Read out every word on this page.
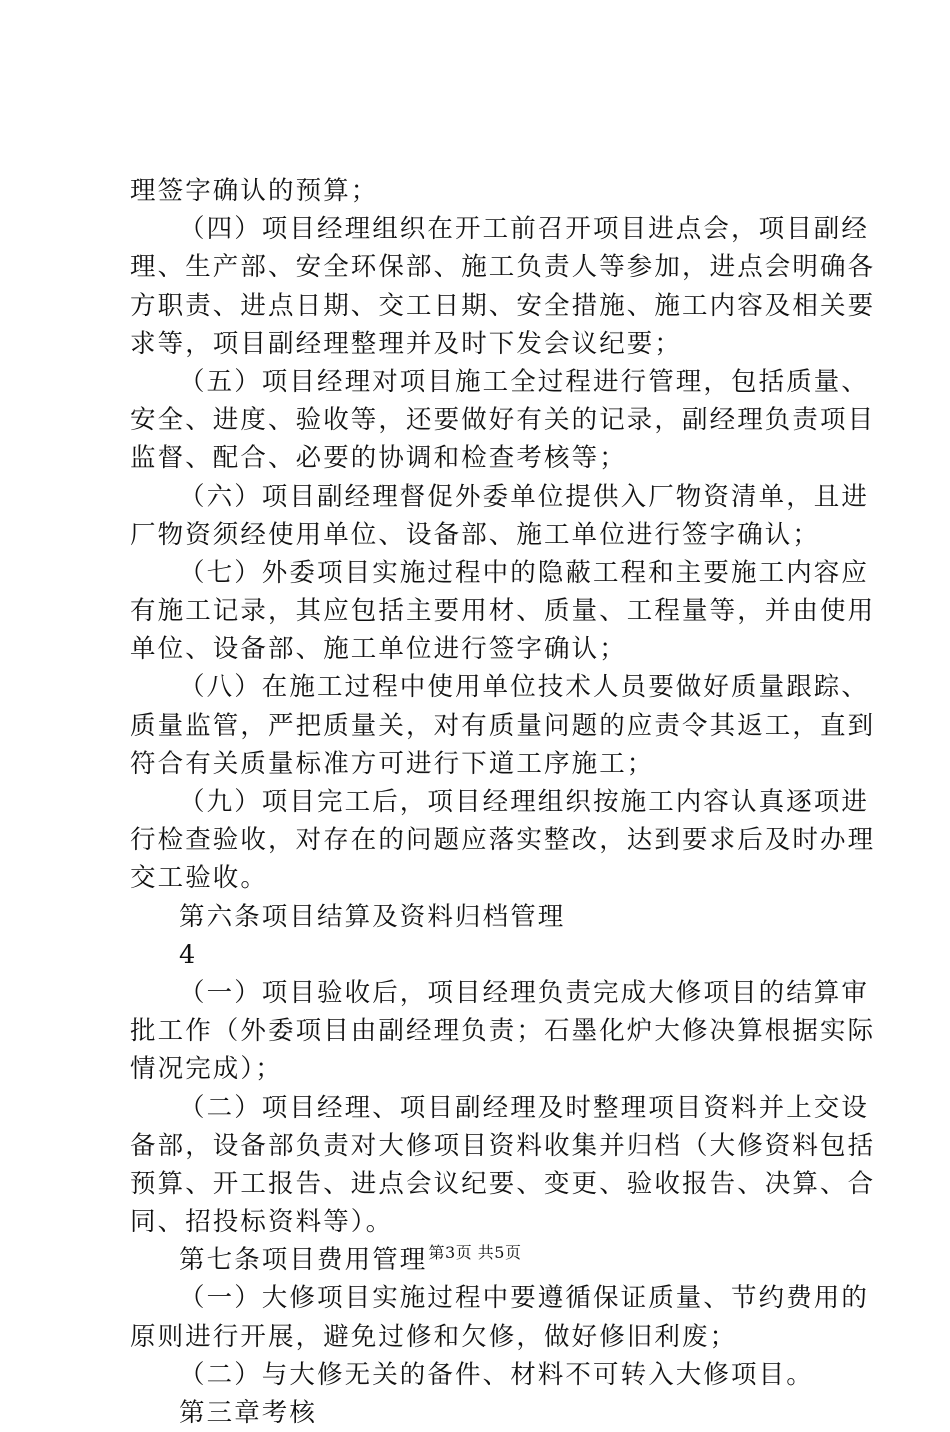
理签字确认的预算；
（四）项目经理组织在开工前召开项目进点会，项目副经
理、生产部、安全环保部、施工负责人等参加，进点会明确各
方职责、进点日期、交工日期、安全措施、施工内容及相关要
求等，项目副经理整理并及时下发会议纪要；
（五）项目经理对项目施工全过程进行管理，包括质量、
安全、进度、验收等，还要做好有关的记录，副经理负责项目
监督、配合、必要的协调和检查考核等；
（六）项目副经理督促外委单位提供入厂物资清单，且进
厂物资须经使用单位、设备部、施工单位进行签字确认；
（七）外委项目实施过程中的隐蔽工程和主要施工内容应
有施工记录，其应包括主要用材、质量、工程量等，并由使用
单位、设备部、施工单位进行签字确认；
（八）在施工过程中使用单位技术人员要做好质量跟踪、
质量监管，严把质量关，对有质量问题的应责令其返工，直到
符合有关质量标准方可进行下道工序施工；
（九）项目完工后，项目经理组织按施工内容认真逐项进
行检查验收，对存在的问题应落实整改，达到要求后及时办理
交工验收。
第六条项目结算及资料归档管理
4
（一）项目验收后，项目经理负责完成大修项目的结算审
批工作（外委项目由副经理负责；石墨化炉大修决算根据实际
情况完成）；
（二）项目经理、项目副经理及时整理项目资料并上交设
备部，设备部负责对大修项目资料收集并归档（大修资料包括
预算、开工报告、进点会议纪要、变更、验收报告、决算、合
同、招投标资料等）。
第七条项目费用管理
（一）大修项目实施过程中要遵循保证质量、节约费用的
原则进行开展，避免过修和欠修，做好修旧利废；
（二）与大修无关的备件、材料不可转入大修项目。
第三章考核
第3页 共5页
